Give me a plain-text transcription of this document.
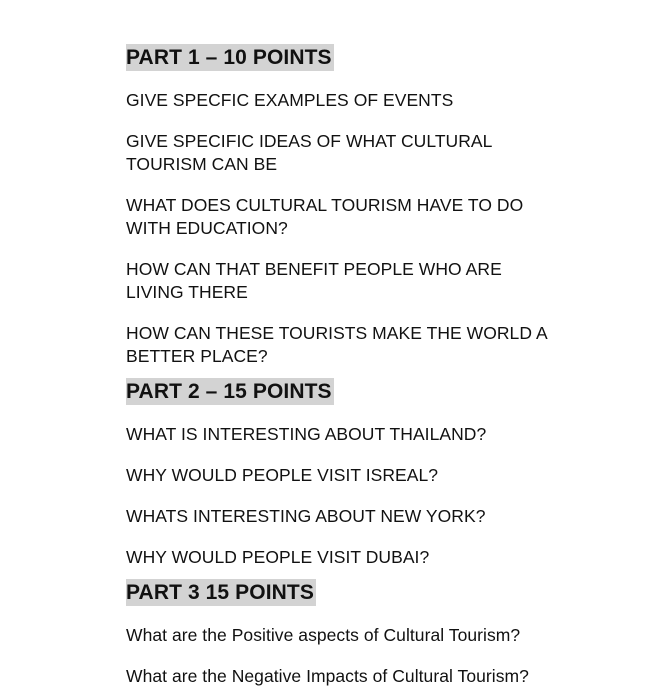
PART 1 – 10 POINTS
GIVE SPECFIC EXAMPLES OF EVENTS
GIVE SPECIFIC IDEAS OF WHAT CULTURAL TOURISM CAN BE
WHAT DOES CULTURAL TOURISM HAVE TO DO WITH EDUCATION?
HOW CAN THAT BENEFIT PEOPLE WHO ARE LIVING THERE
HOW CAN THESE TOURISTS MAKE THE WORLD A BETTER PLACE?
PART 2 – 15 POINTS
WHAT IS INTERESTING ABOUT THAILAND?
WHY WOULD PEOPLE VISIT ISREAL?
WHATS INTERESTING ABOUT NEW YORK?
WHY WOULD PEOPLE VISIT DUBAI?
PART 3 15 POINTS
What are the Positive aspects of Cultural Tourism?
What are the Negative Impacts of Cultural Tourism?
